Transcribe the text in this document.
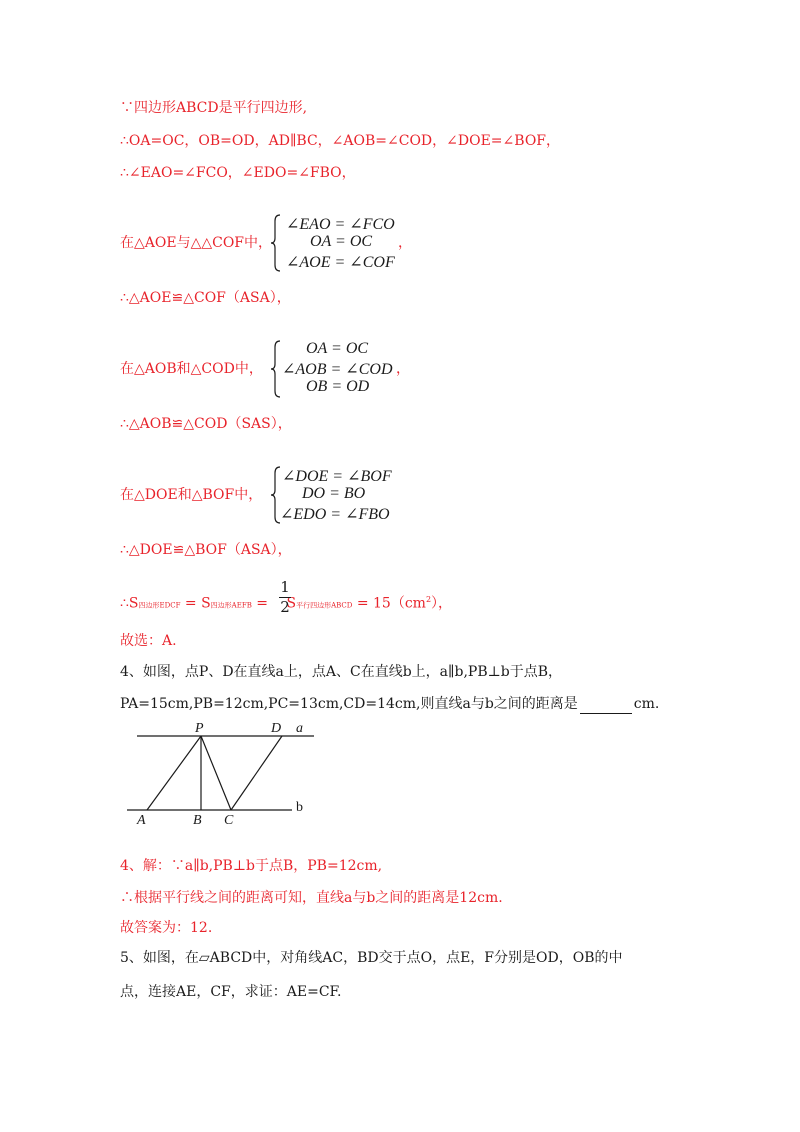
∵四边形ABCD是平行四边形,
∴OA=OC，OB=OD，AD∥BC，∠AOB=∠COD，∠DOE=∠BOF，
∴∠EAO=∠FCO，∠EDO=∠FBO，
在△AOE与△△COF中，
∠EAO = ∠FCO
OA = OC
∠AOE = ∠COF
，
∴△AOE≌△COF（ASA），
在△AOB和△COD中，
OA = OC
∠AOB = ∠COD
OB = OD
，
∴△AOB≌△COD（SAS），
在△DOE和△BOF中，
∠DOE = ∠BOF
DO = BO
∠EDO = ∠FBO
∴△DOE≌△BOF（ASA），
∴S四边形EDCF = S四边形AEFB = S平行四边形ABCD = $15(cm^2)$，
1
2
故选：A.
4、如图，点P、D在直线a上，点A、C在直线b上，a∥b,PB⊥b于点B，
PA=15cm,PB=12cm,PC=13cm,CD=14cm,则直线a与b之间的距离是	cm.
P	D a
A	B C
b
4、解：∵a∥b,PB⊥b于点B，PB=12cm,
∴根据平行线之间的距离可知，直线a与b之间的距离是12cm.
故答案为：12.
5、如图，在▱ABCD中，对角线AC，BD交于点O，点E，F分别是OD，OB的中
点，连接AE，CF，求证：AE=CF.
